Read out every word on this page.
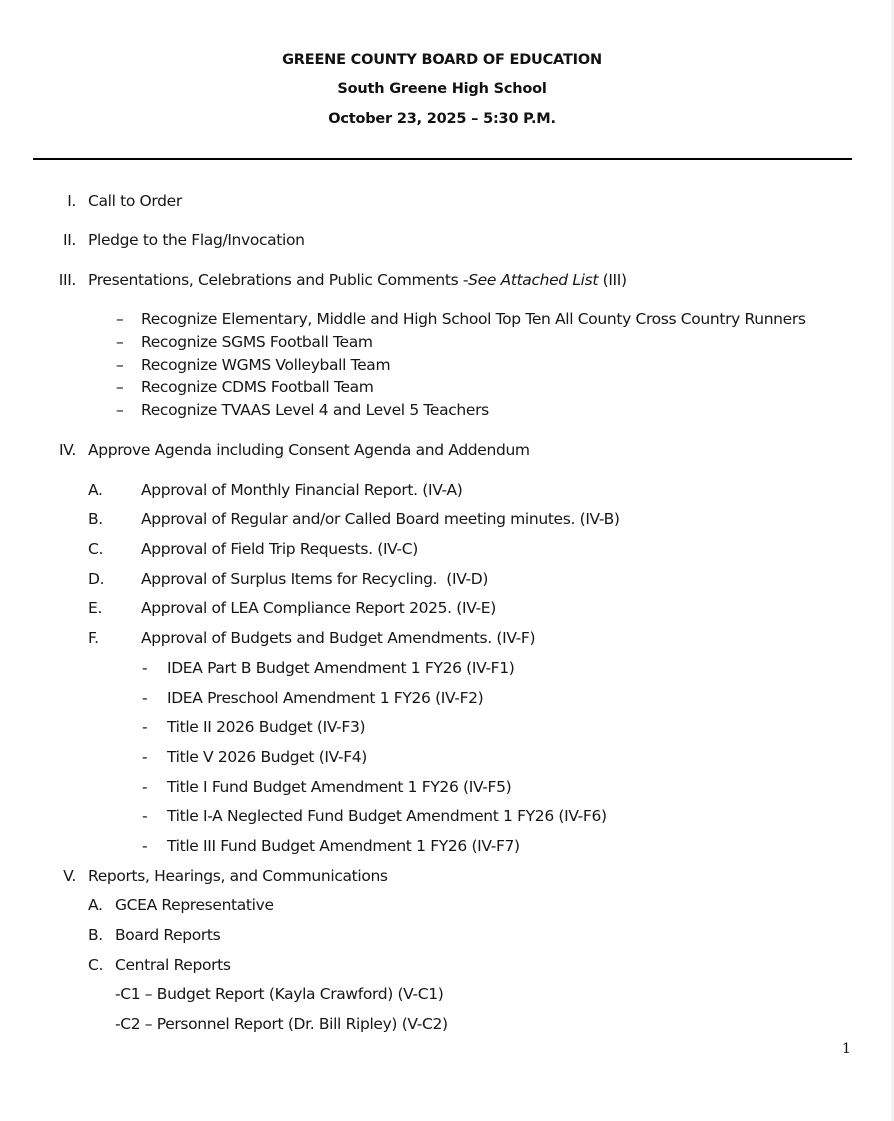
GREENE COUNTY BOARD OF EDUCATION
South Greene High School
October 23, 2025 – 5:30 P.M.
I. Call to Order
II. Pledge to the Flag/Invocation
III. Presentations, Celebrations and Public Comments -See Attached List (III)
– Recognize Elementary, Middle and High School Top Ten All County Cross Country Runners
– Recognize SGMS Football Team
– Recognize WGMS Volleyball Team
– Recognize CDMS Football Team
– Recognize TVAAS Level 4 and Level 5 Teachers
IV. Approve Agenda including Consent Agenda and Addendum
A. Approval of Monthly Financial Report. (IV-A)
B. Approval of Regular and/or Called Board meeting minutes. (IV-B)
C. Approval of Field Trip Requests. (IV-C)
D. Approval of Surplus Items for Recycling.  (IV-D)
E.	Approval of LEA Compliance Report 2025. (IV-E)
F.	Approval of Budgets and Budget Amendments. (IV-F)
- IDEA Part B Budget Amendment 1 FY26 (IV-F1)
- IDEA Preschool Amendment 1 FY26 (IV-F2)
- Title II 2026 Budget (IV-F3)
- Title V 2026 Budget (IV-F4)
- Title I Fund Budget Amendment 1 FY26 (IV-F5)
- Title I-A Neglected Fund Budget Amendment 1 FY26 (IV-F6)
- Title III Fund Budget Amendment 1 FY26 (IV-F7)
V. Reports, Hearings, and Communications
A. GCEA Representative
B. Board Reports
C. Central Reports
-C1 – Budget Report (Kayla Crawford) (V-C1)
-C2 – Personnel Report (Dr. Bill Ripley) (V-C2)
1
